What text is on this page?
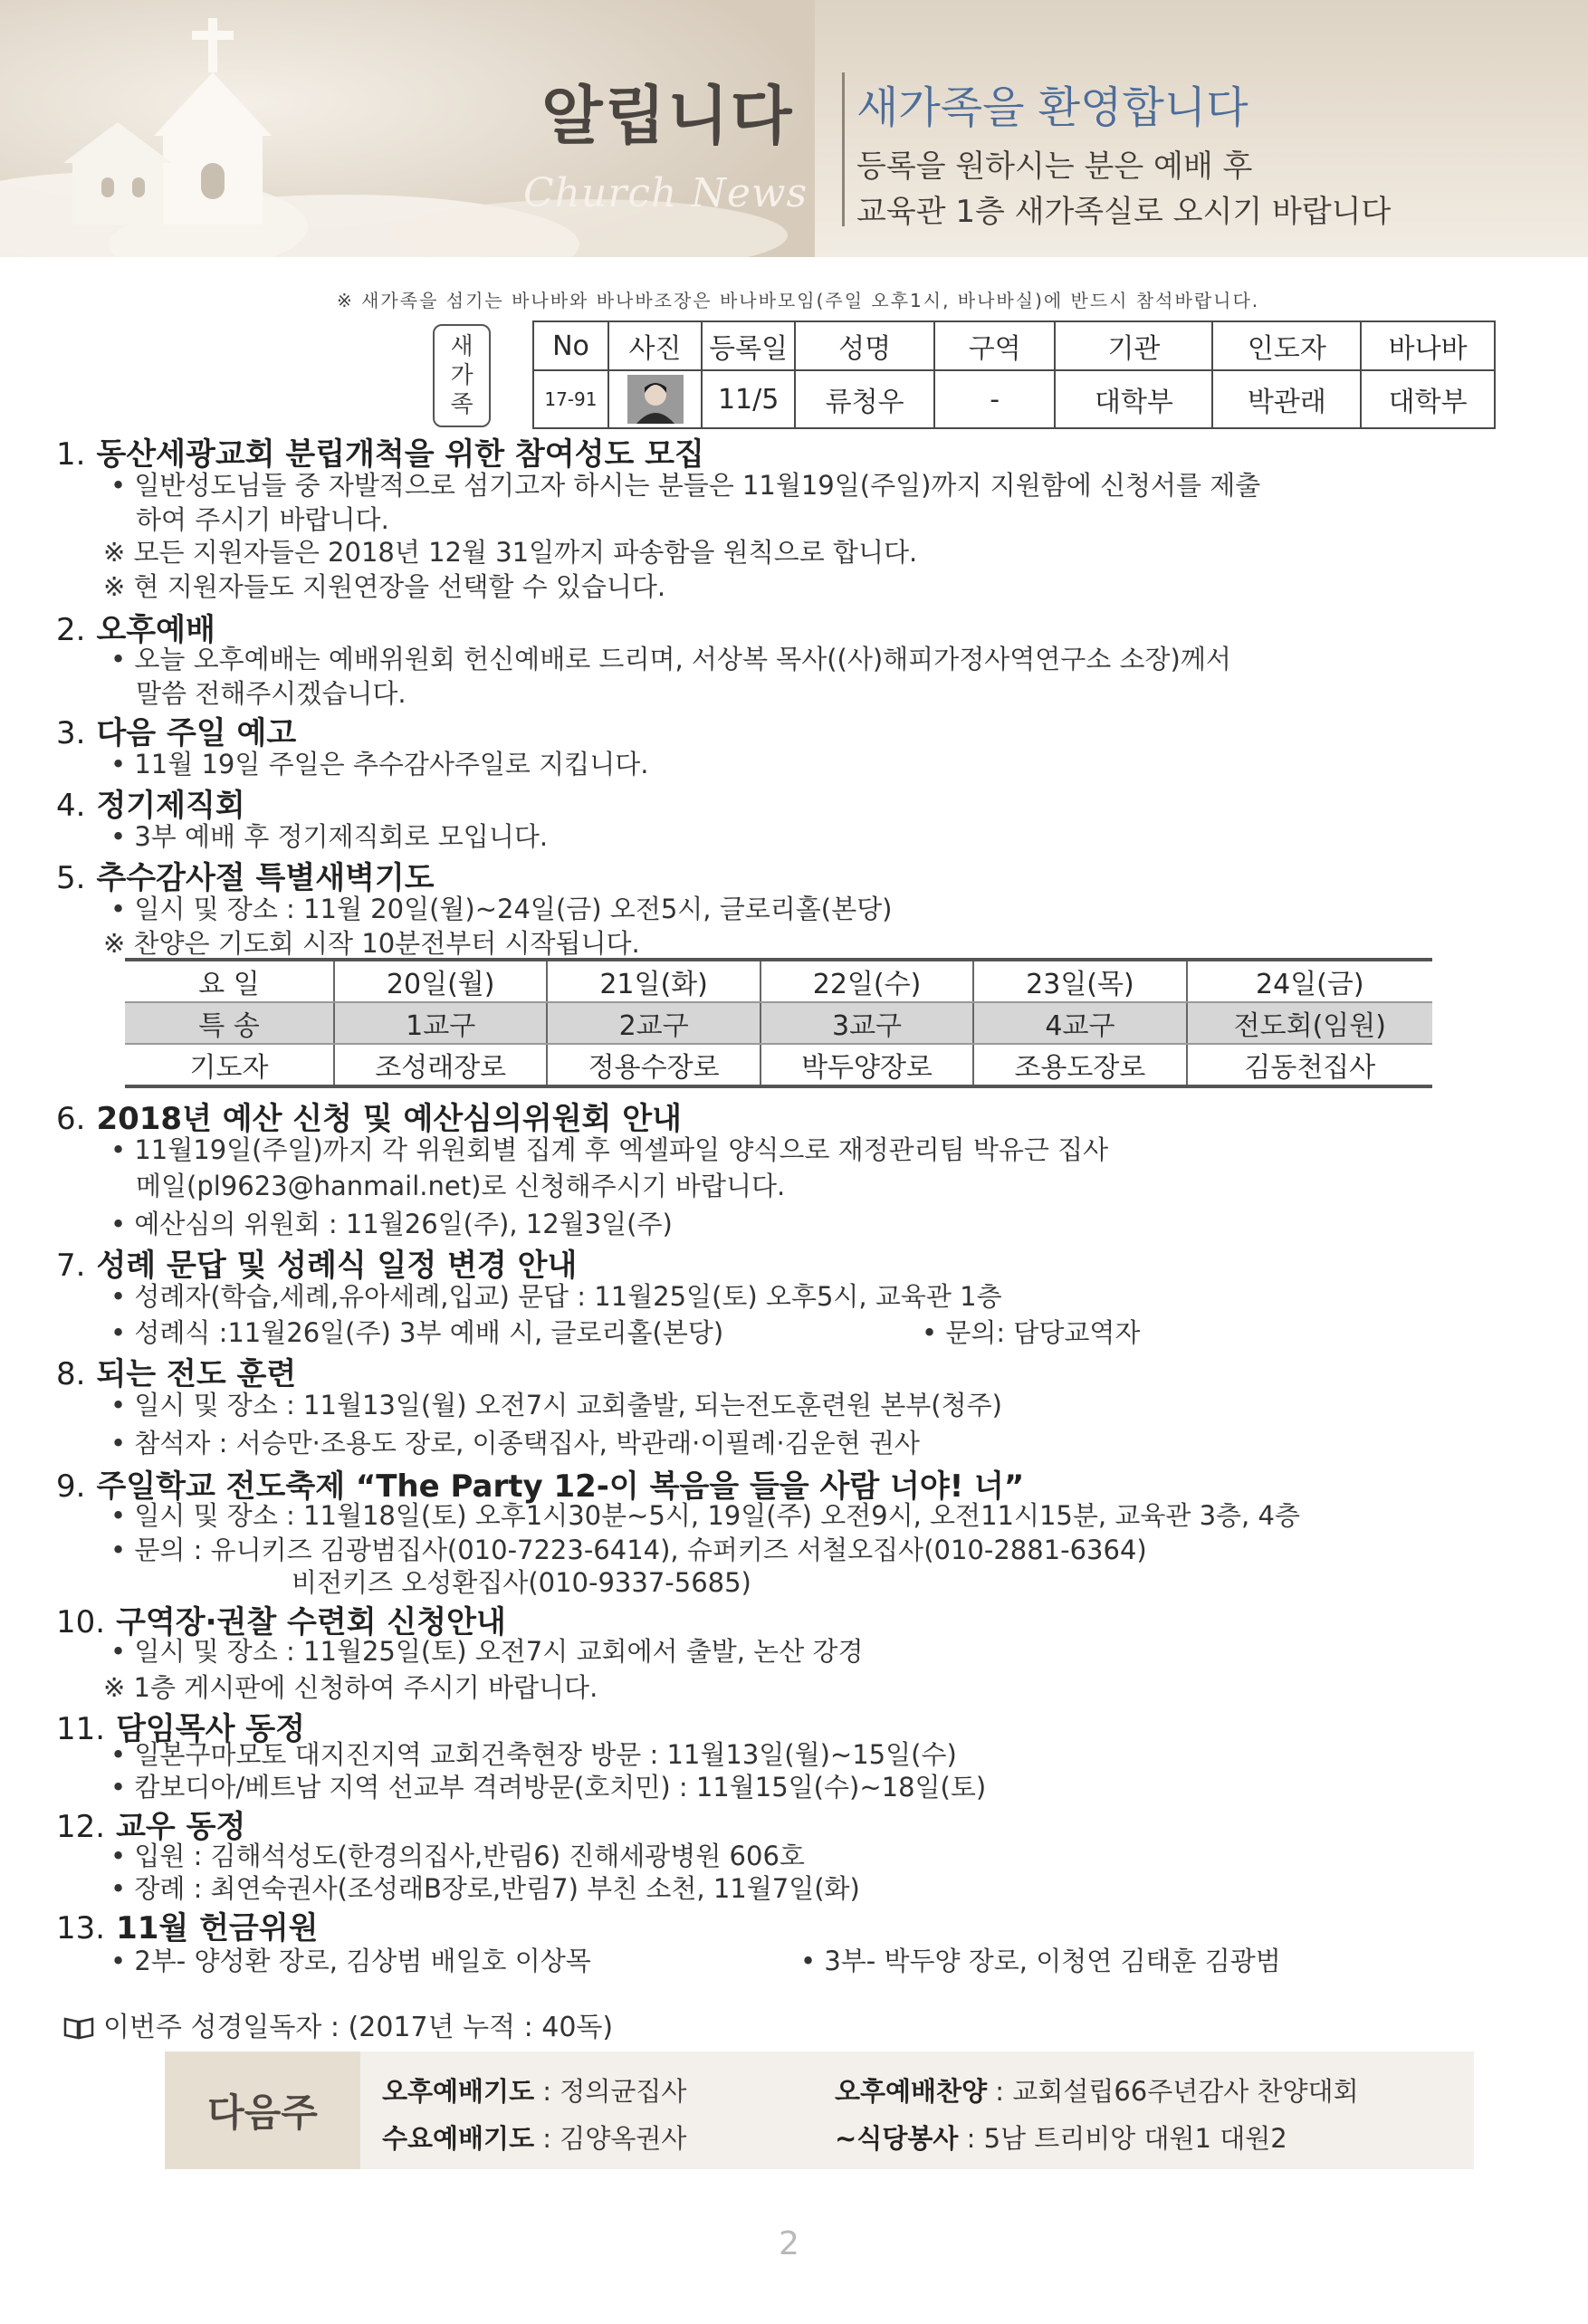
알립니다
Church News
새가족을 환영합니다
등록을 원하시는 분은 예배 후
교육관 1층 새가족실로 오시기 바랍니다
※ 새가족을 섬기는 바나바와 바나바조장은 바나바모임(주일 오후1시, 바나바실)에 반드시 참석바랍니다.
새
가
족
No	사진	등록일	성명	구역	기관	인도자	바나바
17-91		11/5	류청우	-	대학부	박관래	대학부
1. 동산세광교회 분립개척을 위한 참여성도 모집
• 일반성도님들 중 자발적으로 섬기고자 하시는 분들은 11월19일(주일)까지 지원함에 신청서를 제출
하여 주시기 바랍니다.
※ 모든 지원자들은 2018년 12월 31일까지 파송함을 원칙으로 합니다.
※ 현 지원자들도 지원연장을 선택할 수 있습니다.
2. 오후예배
• 오늘 오후예배는 예배위원회 헌신예배로 드리며, 서상복 목사((사)해피가정사역연구소 소장)께서
말씀 전해주시겠습니다.
3. 다음 주일 예고
• 11월 19일 주일은 추수감사주일로 지킵니다.
4. 정기제직회
• 3부 예배 후 정기제직회로 모입니다.
5. 추수감사절 특별새벽기도
• 일시 및 장소 : 11월 20일(월)~24일(금) 오전5시, 글로리홀(본당)
※ 찬양은 기도회 시작 10분전부터 시작됩니다.
요 일	20일(월)	21일(화)	22일(수)	23일(목)	24일(금)
특 송	1교구	2교구	3교구	4교구	전도회(임원)
기도자	조성래장로	정용수장로	박두양장로	조용도장로	김동천집사
6. 2018년 예산 신청 및 예산심의위원회 안내
• 11월19일(주일)까지 각 위원회별 집계 후 엑셀파일 양식으로 재정관리팀 박유근 집사
메일(pl9623@hanmail.net)로 신청해주시기 바랍니다.
• 예산심의 위원회 : 11월26일(주), 12월3일(주)
7. 성례 문답 및 성례식 일정 변경 안내
• 성례자(학습,세례,유아세례,입교) 문답 : 11월25일(토) 오후5시, 교육관 1층
• 성례식 :11월26일(주) 3부 예배 시, 글로리홀(본당)	• 문의: 담당교역자
8. 되는 전도 훈련
• 일시 및 장소 : 11월13일(월) 오전7시 교회출발, 되는전도훈련원 본부(청주)
• 참석자 : 서승만·조용도 장로, 이종택집사, 박관래·이필례·김운현 권사
9. 주일학교 전도축제 “The Party 12-이 복음을 들을 사람 너야! 너”
• 일시 및 장소 : 11월18일(토) 오후1시30분~5시, 19일(주) 오전9시, 오전11시15분, 교육관 3층, 4층
• 문의 : 유니키즈 김광범집사(010-7223-6414), 슈퍼키즈 서철오집사(010-2881-6364)
비전키즈 오성환집사(010-9337-5685)
10. 구역장·권찰 수련회 신청안내
• 일시 및 장소 : 11월25일(토) 오전7시 교회에서 출발, 논산 강경
※ 1층 게시판에 신청하여 주시기 바랍니다.
11. 담임목사 동정
• 일본구마모토 대지진지역 교회건축현장 방문 : 11월13일(월)~15일(수)
• 캄보디아/베트남 지역 선교부 격려방문(호치민) : 11월15일(수)~18일(토)
12. 교우 동정
• 입원 : 김해석성도(한경의집사,반림6) 진해세광병원 606호
• 장례 : 최연숙권사(조성래B장로,반림7) 부친 소천, 11월7일(화)
13. 11월 헌금위원
• 2부- 양성환 장로, 김상범 배일호 이상목	• 3부- 박두양 장로, 이청연 김태훈 김광범
이번주 성경일독자 : (2017년 누적 : 40독)
다음주	오후예배기도 : 정의균집사	오후예배찬양 : 교회설립66주년감사 찬양대회
수요예배기도 : 김양옥권사	~식당봉사 : 5남 트리비앙 대원1 대원2
2
